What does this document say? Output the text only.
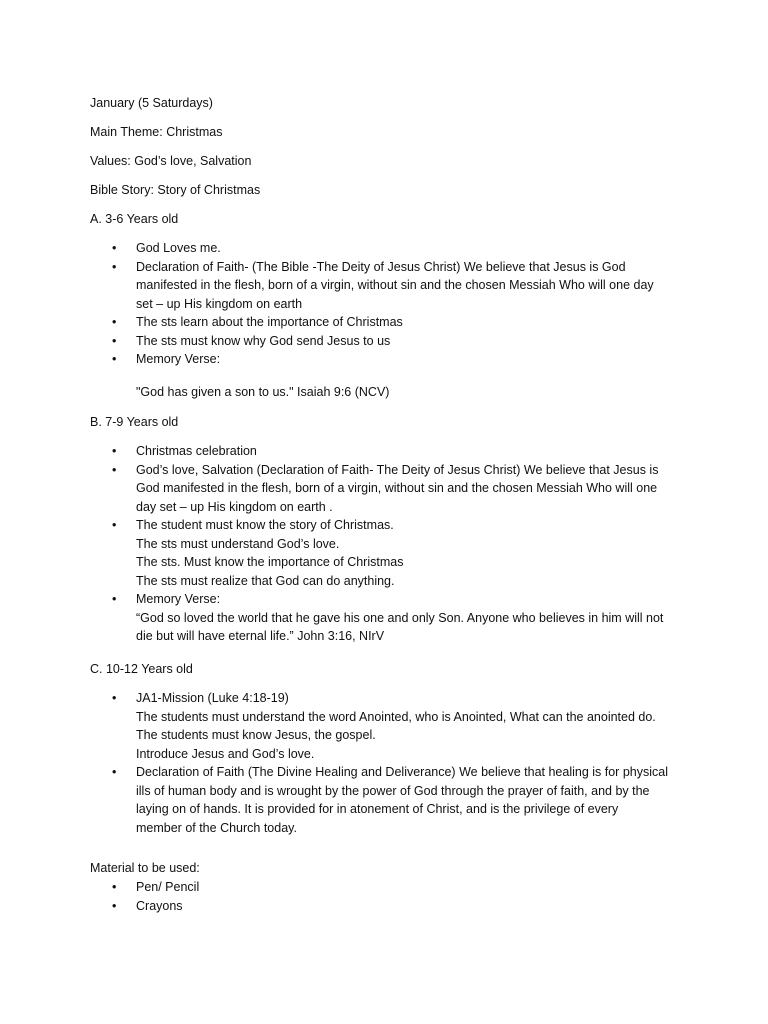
January (5 Saturdays)

Main Theme: Christmas

Values: God’s love, Salvation

Bible Story: Story of Christmas

A. 3-6 Years old

• God Loves me.
• Declaration of Faith- (The Bible -The Deity of Jesus Christ) We believe that Jesus is God
manifested in the flesh, born of a virgin, without sin and the chosen Messiah Who will one day
set – up His kingdom on earth
• The sts learn about the importance of Christmas
• The sts must know why God send Jesus to us
• Memory Verse:

"God has given a son to us." Isaiah 9:6 (NCV)

B. 7-9 Years old

• Christmas celebration
• God’s love, Salvation (Declaration of Faith- The Deity of Jesus Christ) We believe that Jesus is
God manifested in the flesh, born of a virgin, without sin and the chosen Messiah Who will one
day set – up His kingdom on earth .
• The student must know the story of Christmas.
The sts must understand God’s love.
The sts. Must know the importance of Christmas
The sts must realize that God can do anything.
• Memory Verse:
“God so loved the world that he gave his one and only Son. Anyone who believes in him will not
die but will have eternal life.” John 3:16, NIrV

C. 10-12 Years old

• JA1-Mission (Luke 4:18-19)
The students must understand the word Anointed, who is Anointed, What can the anointed do.
The students must know Jesus, the gospel.
Introduce Jesus and God’s love.
• Declaration of Faith (The Divine Healing and Deliverance) We believe that healing is for physical
ills of human body and is wrought by the power of God through the prayer of faith, and by the
laying on of hands. It is provided for in atonement of Christ, and is the privilege of every
member of the Church today.

Material to be used:

• Pen/ Pencil
• Crayons
